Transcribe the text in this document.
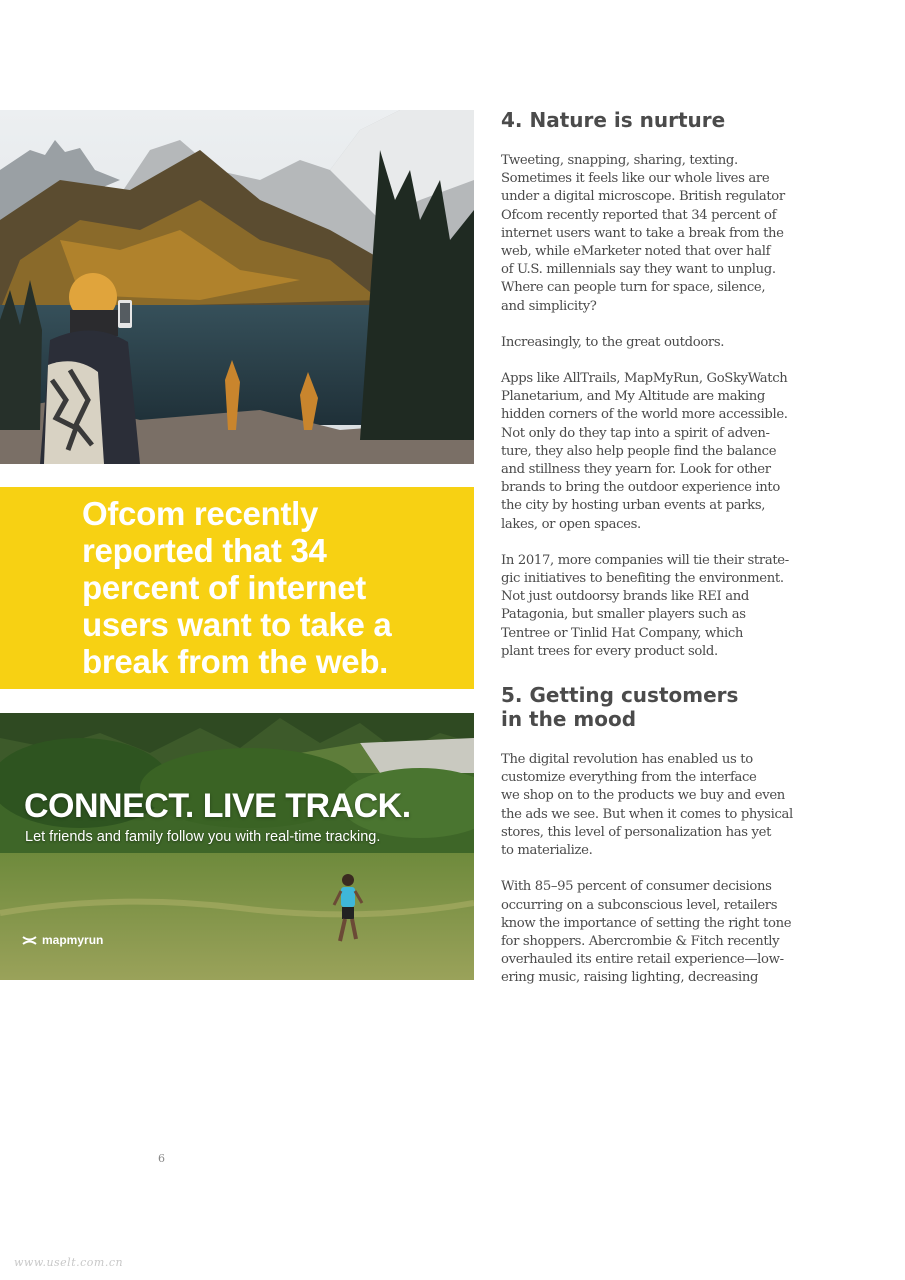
Ofcom recently
reported that 34
percent of internet
users want to take a
break from the web.
CONNECT. LIVE TRACK.
Let friends and family follow you with real-time tracking.
mapmyrun
4. Nature is nurture

Tweeting, snapping, sharing, texting.
Sometimes it feels like our whole lives are
under a digital microscope. British regulator
Ofcom recently reported that 34 percent of
internet users want to take a break from the
web, while eMarketer noted that over half
of U.S. millennials say they want to unplug.
Where can people turn for space, silence,
and simplicity?

Increasingly, to the great outdoors.

Apps like AllTrails, MapMyRun, GoSkyWatch
Planetarium, and My Altitude are making
hidden corners of the world more accessible.
Not only do they tap into a spirit of adven-
ture, they also help people find the balance
and stillness they yearn for. Look for other
brands to bring the outdoor experience into
the city by hosting urban events at parks,
lakes, or open spaces.

In 2017, more companies will tie their strate-
gic initiatives to benefiting the environment.
Not just outdoorsy brands like REI and
Patagonia, but smaller players such as
Tentree or Tinlid Hat Company, which
plant trees for every product sold.

5. Getting customers
in the mood

The digital revolution has enabled us to
customize everything from the interface
we shop on to the products we buy and even
the ads we see. But when it comes to physical
stores, this level of personalization has yet
to materialize.

With 85–95 percent of consumer decisions
occurring on a subconscious level, retailers
know the importance of setting the right tone
for shoppers. Abercrombie & Fitch recently
overhauled its entire retail experience—low-
ering music, raising lighting, decreasing

6
www.uselt.com.cn
